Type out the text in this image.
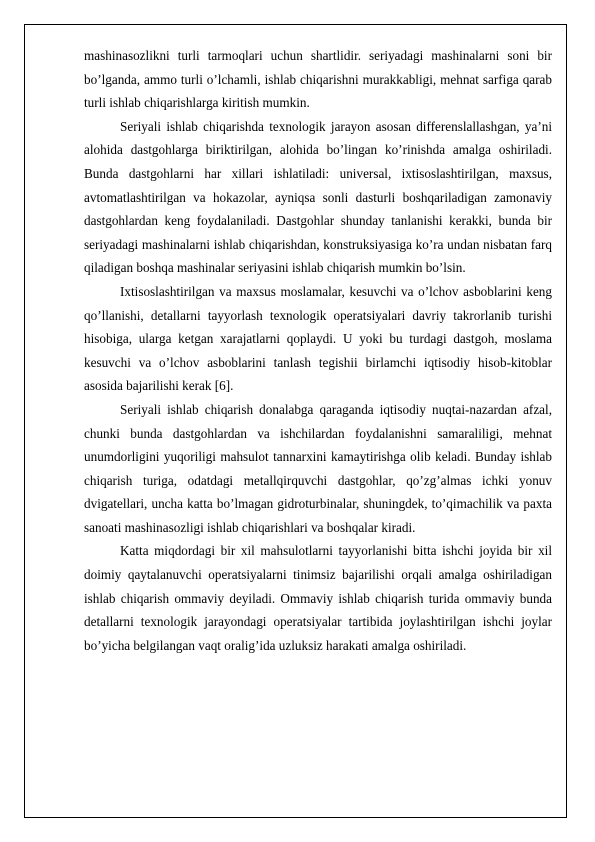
mashinasozlikni turli tarmoqlari uchun shartlidir. seriyadagi mashinalarni soni bir bo’lganda, ammo turli o’lchamli, ishlab chiqarishni murakkabligi, mehnat sarfiga qarab turli ishlab chiqarishlarga kiritish mumkin.

Seriyali ishlab chiqarishda texnologik jarayon asosan differenslallashgan, ya’ni alohida dastgohlarga biriktirilgan, alohida bo’lingan ko’rinishda amalga oshiriladi. Bunda dastgohlarni har xillari ishlatiladi: universal, ixtisoslashtirilgan, maxsus, avtomatlashtirilgan va hokazolar, ayniqsa sonli dasturli boshqariladigan zamonaviy dastgohlardan keng foydalaniladi. Dastgohlar shunday tanlanishi kerakki, bunda bir seriyadagi mashinalarni ishlab chiqarishdan, konstruksiyasiga ko’ra undan nisbatan farq qiladigan boshqa mashinalar seriyasini ishlab chiqarish mumkin bo’lsin.

Ixtisoslashtirilgan va maxsus moslamalar, kesuvchi va o’lchov asboblarini keng qo’llanishi, detallarni tayyorlash texnologik operatsiyalari davriy takrorlanib turishi hisobiga, ularga ketgan xarajatlarni qoplaydi. U yoki bu turdagi dastgoh, moslama kesuvchi va o’lchov asboblarini tanlash tegishii birlamchi iqtisodiy hisob-kitoblar asosida bajarilishi kerak [6].

Seriyali ishlab chiqarish donalabga qaraganda iqtisodiy nuqtai-nazardan afzal, chunki bunda dastgohlardan va ishchilardan foydalanishni samaraliligi, mehnat unumdorligini yuqoriligi mahsulot tannarxini kamaytirishga olib keladi. Bunday ishlab chiqarish turiga, odatdagi metallqirquvchi dastgohlar, qo’zg’almas ichki yonuv dvigatellari, uncha katta bo’lmagan gidroturbinalar, shuningdek, to’qimachilik va paxta sanoati mashinasozligi ishlab chiqarishlari va boshqalar kiradi.

Katta miqdordagi bir xil mahsulotlarni tayyorlanishi bitta ishchi joyida bir xil doimiy qaytalanuvchi operatsiyalarni tinimsiz bajarilishi orqali amalga oshiriladigan ishlab chiqarish ommaviy deyiladi. Ommaviy ishlab chiqarish turida ommaviy bunda detallarni texnologik jarayondagi operatsiyalar tartibida joylashtirilgan ishchi joylar bo’yicha belgilangan vaqt oralig’ida uzluksiz harakati amalga oshiriladi.
